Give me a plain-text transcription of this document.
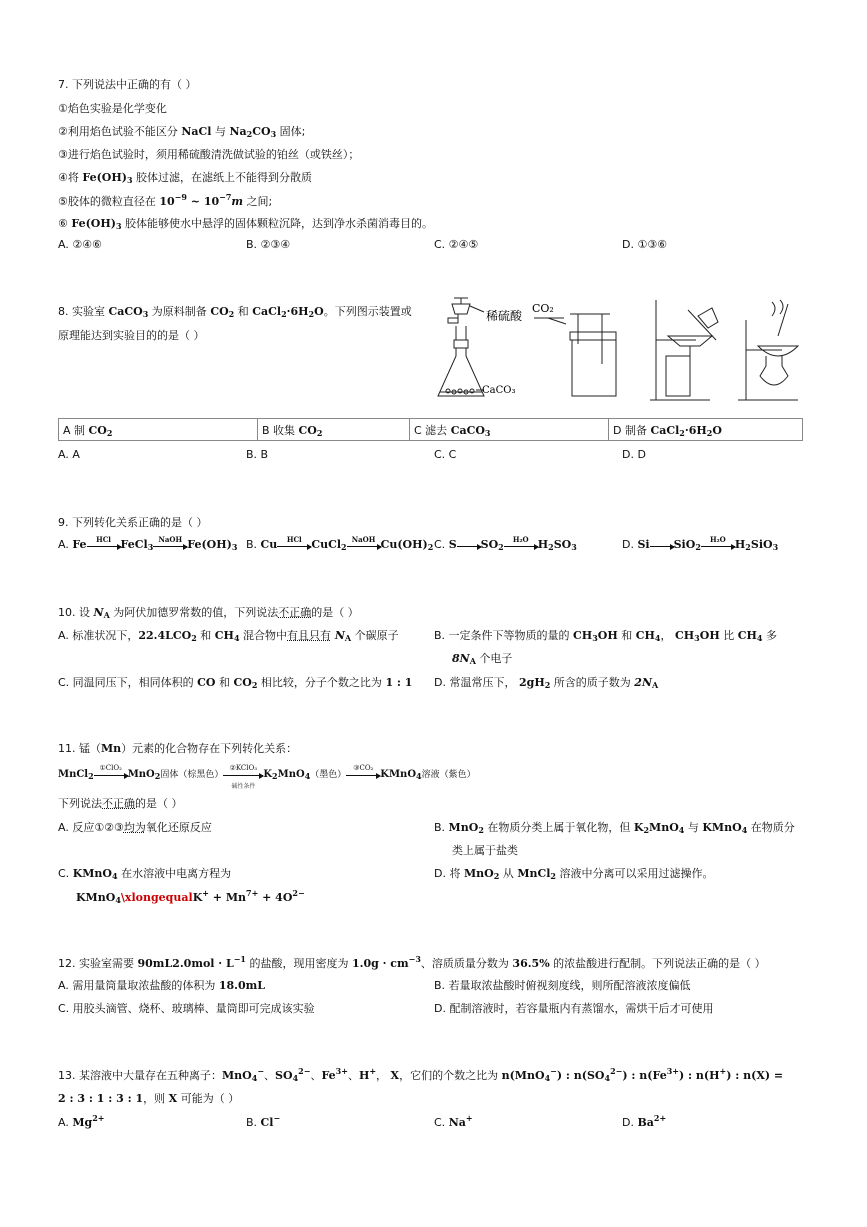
7. 下列说法中正确的有（ ）
①焰色实验是化学变化
②利用焰色试验不能区分 NaCl 与 $Na_2CO_3$ 固体;
③进行焰色试验时，须用稀硫酸清洗做试验的铂丝（或铁丝）；
④将 $Fe(OH)_3$ 胶体过滤，在滤纸上不能得到分散质
⑤胶体的微粒直径在 $10^{-9}$ ~ $10^{-7}m$ 之间;
⑥ $Fe(OH)_3$ 胶体能够使水中悬浮的固体颗粒沉降，达到净水杀菌消毒目的。
A. ②④⑥	B. ②③④	C. ②④⑤	D. ①③⑥
8. 实验室 CaCO$_3$ 为原料制备 $CO_2$ 和 $CaCl_2\cdot 6H_2O$。下列图示装置或
原理能达到实验目的的是（ ）
稀硫酸
CaCO₃
CO₂
A 制 $CO_2$	B 收集 $CO_2$	C 滤去 CaCO$_3$	D 制备 $CaCl_2\cdot 6H_2O$
A. A	B. B	C. C	D. D
9. 下列转化关系正确的是（ ）
A. Fe	HCl FeCl$_3$
NaOH $Fe(OH)_3$ B. Cu	HCl CuCl$_2$
NaOH $Cu(OH)_2$ C. S $SO_2$
H₂O $H_2SO_3$	D. Si SiO$_2$
H₂O $H_2SiO_3$
10. 设 $N_A$ 为阿伏加德罗常数的值，下列说法不正确的是（ ）
A. 标准状况下，$22.4LCO_2$ 和 $CH_4$ 混合物中有且只有 $N_A$ 个碳原子	B. 一定条件下等物质的量的 $CH_3OH$ 和 $CH_4$， $CH_3OH$ 比 $CH_4$ 多
$8N_A$ 个电子
C. 同温同压下，相同体积的 CO 和 $CO_2$ 相比较，分子个数之比为 1 : 1 D. 常温常压下， $2gH_2$ 所含的质子数为 $2N_A$
11. 锰（Mn）元素的化合物存在下列转化关系：
MnCl$_2$
①ClO₂
MnO$_2$固体（棕黑色）
②KClO₃
碱性条件
$K_2MnO_4$（墨色）
③CO₂
KMnO$_4$溶液（紫色）
下列说法不正确的是（ ）
A. 反应①②③均为氧化还原反应	B. MnO$_2$ 在物质分类上属于氧化物，但 $K_2MnO_4$ 与 KMnO$_4$ 在物质分
类上属于盐类
C. KMnO$_4$ 在水溶液中电离方程为
KMnO$_4$\xlongequalK+ + $Mn^{7+} + 4O^{2-}$
D. 将 MnO$_2$ 从 MnCl$_2$ 溶液中分离可以采用过滤操作。
12. 实验室需要 $90mL2.0mol \cdot L^{-1}$ 的盐酸，现用密度为 $1.0g \cdot cm^{-3}$、溶质质量分数为 36.5% 的浓盐酸进行配制。下列说法正确的是（ ）
A. 需用量筒量取浓盐酸的体积为 18.0mL	B. 若量取浓盐酸时俯视刻度线，则所配溶液浓度偏低
C. 用胶头滴管、烧杯、玻璃棒、量筒即可完成该实验	D. 配制溶液时，若容量瓶内有蒸馏水，需烘干后才可使用
13. 某溶液中大量存在五种离子：MnO$_4$−、$SO_4^{2-}$、$Fe^{3+}$、H+， X，它们的个数之比为 n(MnO$_4$−) : $n(SO_4^{2-})$ : $n(Fe^{3+})$ : n(H+) : n(X) =
2 : 3 : 1 : 3 : 1，则 X 可能为（ ）
A. $Mg^{2+}$	B. Cl−	C. Na+	D. $Ba^{2+}$
